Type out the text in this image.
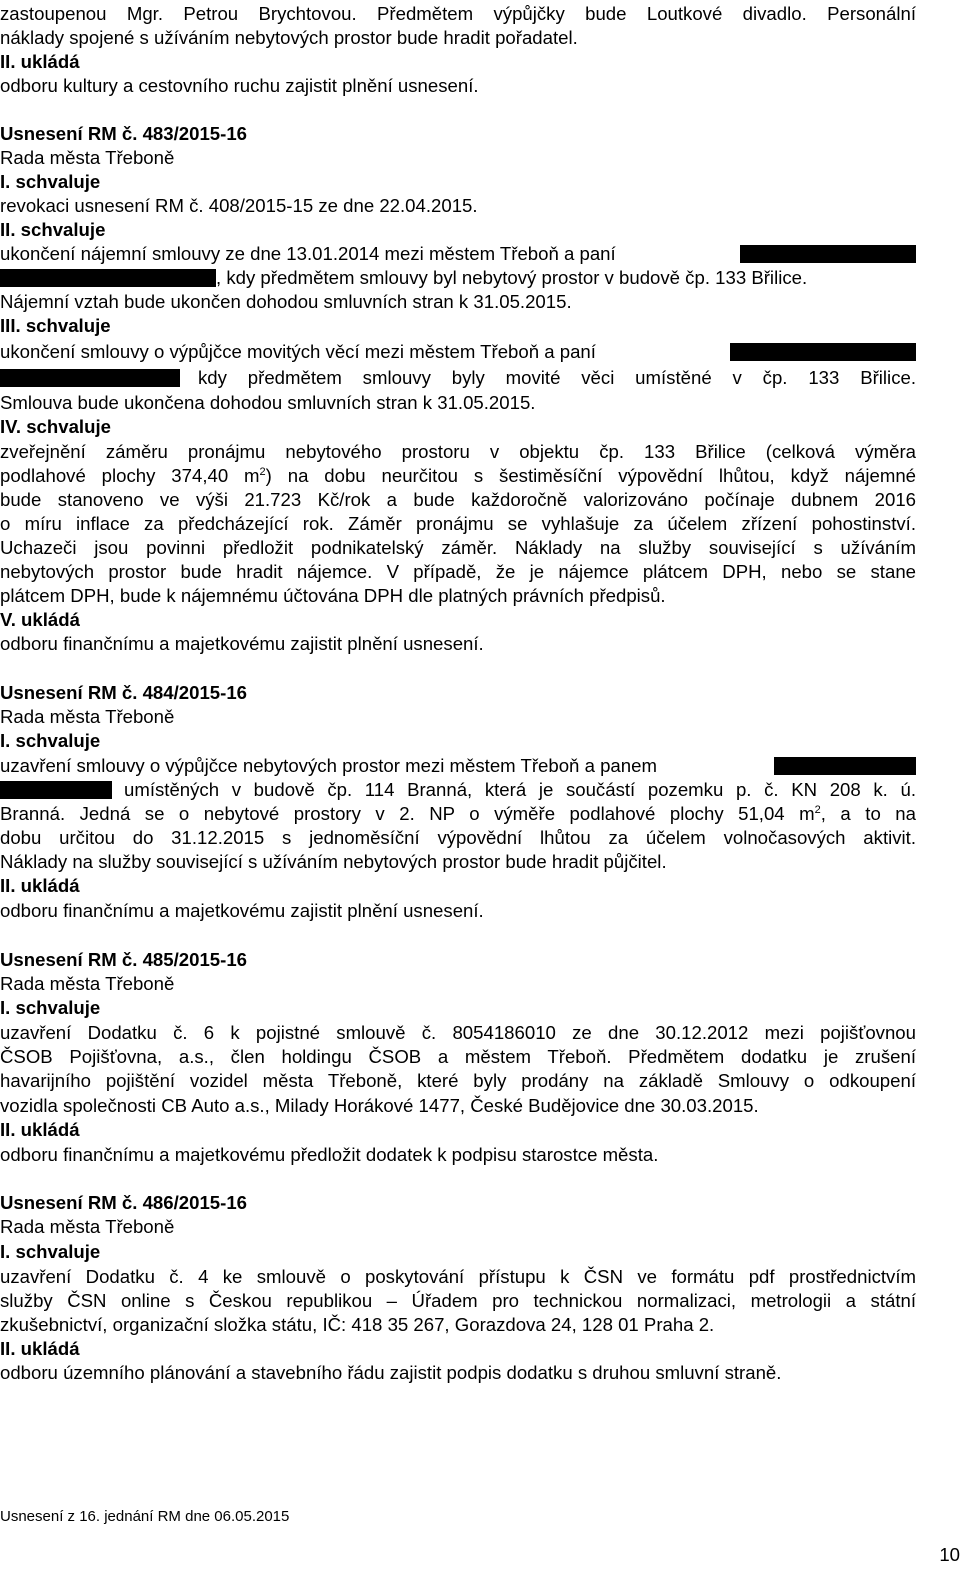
zastoupenou Mgr. Petrou Brychtovou. Předmětem výpůjčky bude Loutkové divadlo. Personální
náklady spojené s užíváním nebytových prostor bude hradit pořadatel.
II. ukládá
odboru kultury a cestovního ruchu zajistit plnění usnesení.
Usnesení RM č. 483/2015-16
Rada města Třeboně
I. schvaluje
revokaci usnesení RM č. 408/2015-15 ze dne 22.04.2015.
II. schvaluje
ukončení nájemní smlouvy ze dne 13.01.2014 mezi městem Třeboň a paní
, kdy předmětem smlouvy byl nebytový prostor v budově čp. 133 Břilice.
Nájemní vztah bude ukončen dohodou smluvních stran k 31.05.2015.
III. schvaluje
ukončení smlouvy o výpůjčce movitých věcí mezi městem Třeboň a paní
kdy předmětem smlouvy byly movité věci umístěné v čp. 133 Břilice.
Smlouva bude ukončena dohodou smluvních stran k 31.05.2015.
IV. schvaluje
zveřejnění záměru pronájmu nebytového prostoru v objektu čp. 133 Břilice (celková výměra
podlahové plochy 374,40 $m^2$) na dobu neurčitou s šestiměsíční výpovědní lhůtou, když nájemné
bude stanoveno ve výši 21.723 Kč/rok a bude každoročně valorizováno počínaje dubnem 2016
o míru inflace za předcházející rok. Záměr pronájmu se vyhlašuje za účelem zřízení pohostinství.
Uchazeči jsou povinni předložit podnikatelský záměr. Náklady na služby související s užíváním
nebytových prostor bude hradit nájemce. V případě, že je nájemce plátcem DPH, nebo se stane
plátcem DPH, bude k nájemnému účtována DPH dle platných právních předpisů.
V. ukládá
odboru finančnímu a majetkovému zajistit plnění usnesení.
Usnesení RM č. 484/2015-16
Rada města Třeboně
I. schvaluje
uzavření smlouvy o výpůjčce nebytových prostor mezi městem Třeboň a panem
umístěných v budově čp. 114 Branná, která je součástí pozemku p. č. KN 208 k. ú.
Branná. Jedná se o nebytové prostory v 2. NP o výměře podlahové plochy 51,04 $m^2$, a to na
dobu určitou do 31.12.2015 s jednoměsíční výpovědní lhůtou za účelem volnočasových aktivit.
Náklady na služby související s užíváním nebytových prostor bude hradit půjčitel.
II. ukládá
odboru finančnímu a majetkovému zajistit plnění usnesení.
Usnesení RM č. 485/2015-16
Rada města Třeboně
I. schvaluje
uzavření Dodatku č. 6 k pojistné smlouvě č. 8054186010 ze dne 30.12.2012 mezi pojišťovnou
ČSOB Pojišťovna, a.s., člen holdingu ČSOB a městem Třeboň. Předmětem dodatku je zrušení
havarijního pojištění vozidel města Třeboně, které byly prodány na základě Smlouvy o odkoupení
vozidla společnosti CB Auto a.s., Milady Horákové 1477, České Budějovice dne 30.03.2015.
II. ukládá
odboru finančnímu a majetkovému předložit dodatek k podpisu starostce města.
Usnesení RM č. 486/2015-16
Rada města Třeboně
I. schvaluje
uzavření Dodatku č. 4 ke smlouvě o poskytování přístupu k ČSN ve formátu pdf prostřednictvím
služby ČSN online s Českou republikou – Úřadem pro technickou normalizaci, metrologii a státní
zkušebnictví, organizační složka státu, IČ: 418 35 267, Gorazdova 24, 128 01 Praha 2.
II. ukládá
odboru územního plánování a stavebního řádu zajistit podpis dodatku s druhou smluvní straně.
Usnesení z 16. jednání RM dne 06.05.2015
10
